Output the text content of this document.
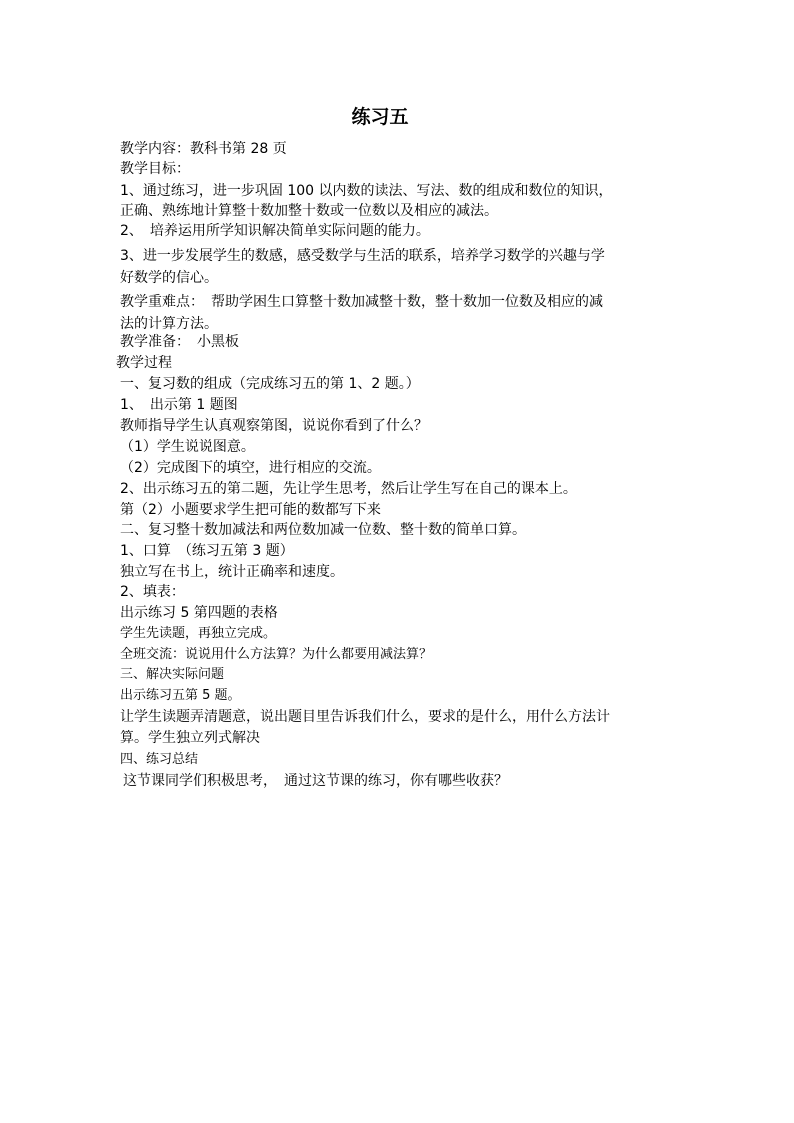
练习五
教学内容：教科书第 28 页
教学目标：
1、通过练习，进一步巩固 100 以内数的读法、写法、数的组成和数位的知识，
正确、熟练地计算整十数加整十数或一位数以及相应的减法。
2、　培养运用所学知识解决简单实际问题的能力。
3、进一步发展学生的数感，感受数学与生活的联系，培养学习数学的兴趣与学
好数学的信心。
教学重难点：　帮助学困生口算整十数加减整十数，整十数加一位数及相应的减
法的计算方法。
教学准备：　小黑板
教学过程
一、复习数的组成（完成练习五的第 1、2 题。）
1、　出示第 1 题图
教师指导学生认真观察第图，说说你看到了什么？
（1）学生说说图意。
（2）完成图下的填空，进行相应的交流。
2、出示练习五的第二题，先让学生思考，然后让学生写在自己的课本上。
第（2）小题要求学生把可能的数都写下来
二、复习整十数加减法和两位数加减一位数、整十数的简单口算。
1、口算　（练习五第 3 题）
独立写在书上，统计正确率和速度。
2、填表：
出示练习 5 第四题的表格
学生先读题，再独立完成。
全班交流：说说用什么方法算？为什么都要用减法算？
三、解决实际问题
出示练习五第 5 题。
让学生读题弄清题意，说出题目里告诉我们什么，要求的是什么，用什么方法计
算。学生独立列式解决
四、练习总结
这节课同学们积极思考，　通过这节课的练习，你有哪些收获？
